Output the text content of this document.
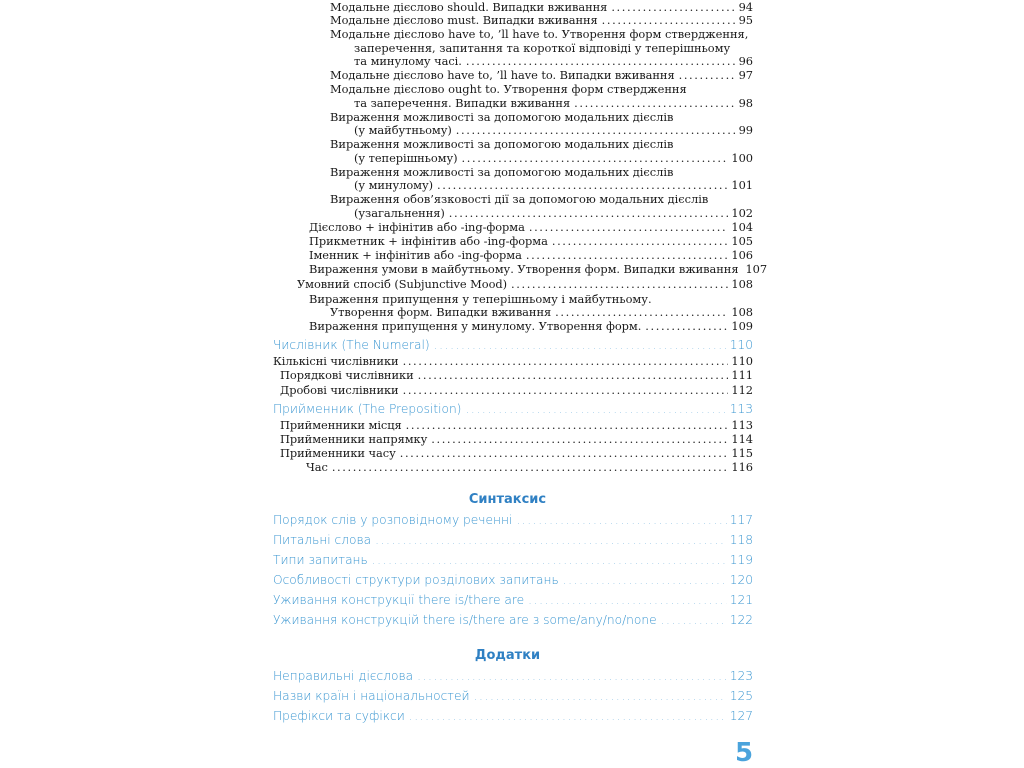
Модальне дієслово should. Випадки вживання .....	94
Модальне дієслово must. Випадки вживання .....	95
Модальне дієслово have to, ’ll have to. Утворення форм ствердження,
заперечення, запитання та короткої відповіді у теперішньому
та минулому часі. .....	96
Модальне дієслово have to, ’ll have to. Випадки вживання .....	97
Модальне дієслово ought to. Утворення форм ствердження
та заперечення. Випадки вживання .....	98
Вираження можливості за допомогою модальних дієслів
(у майбутньому) .....	99
Вираження можливості за допомогою модальних дієслів
(у теперішньому) .....	100
Вираження можливості за допомогою модальних дієслів
(у минулому) .....	101
Вираження обов’язковості дії за допомогою модальних дієслів
(узагальнення) .....	102
Дієслово + інфінітив або -ing-форма .....	104
Прикметник + інфінітив або -ing-форма .....	105
Іменник + інфінітив або -ing-форма .....	106
Вираження умови в майбутньому. Утворення форм. Випадки вживання 107
Умовний спосіб (Subjunctive Mood) .....	108
Вираження припущення у теперішньому і майбутньому.
Утворення форм. Випадки вживання .....	108
Вираження припущення у минулому. Утворення форм. .....	109
Числівник (The Numeral) .....	110
Кількісні числівники .....	110
Порядкові числівники .....	111
Дробові числівники .....	112
Прийменник (The Preposition) .....	113
Прийменники місця .....	113
Прийменники напрямку .....	114
Прийменники часу .....	115
Час .....	116
Синтаксис
Порядок слів у розповідному реченні .....	117
Питальні слова .....	118
Типи запитань .....	119
Особливості структури розділових запитань .....	120
Уживання конструкції there is/there are .....	121
Уживання конструкцій there is/there are з some/any/no/none .....	122
Додатки
Неправильні дієслова .....	123
Назви країн і національностей .....	125
Префікси та суфікси .....	127
5
